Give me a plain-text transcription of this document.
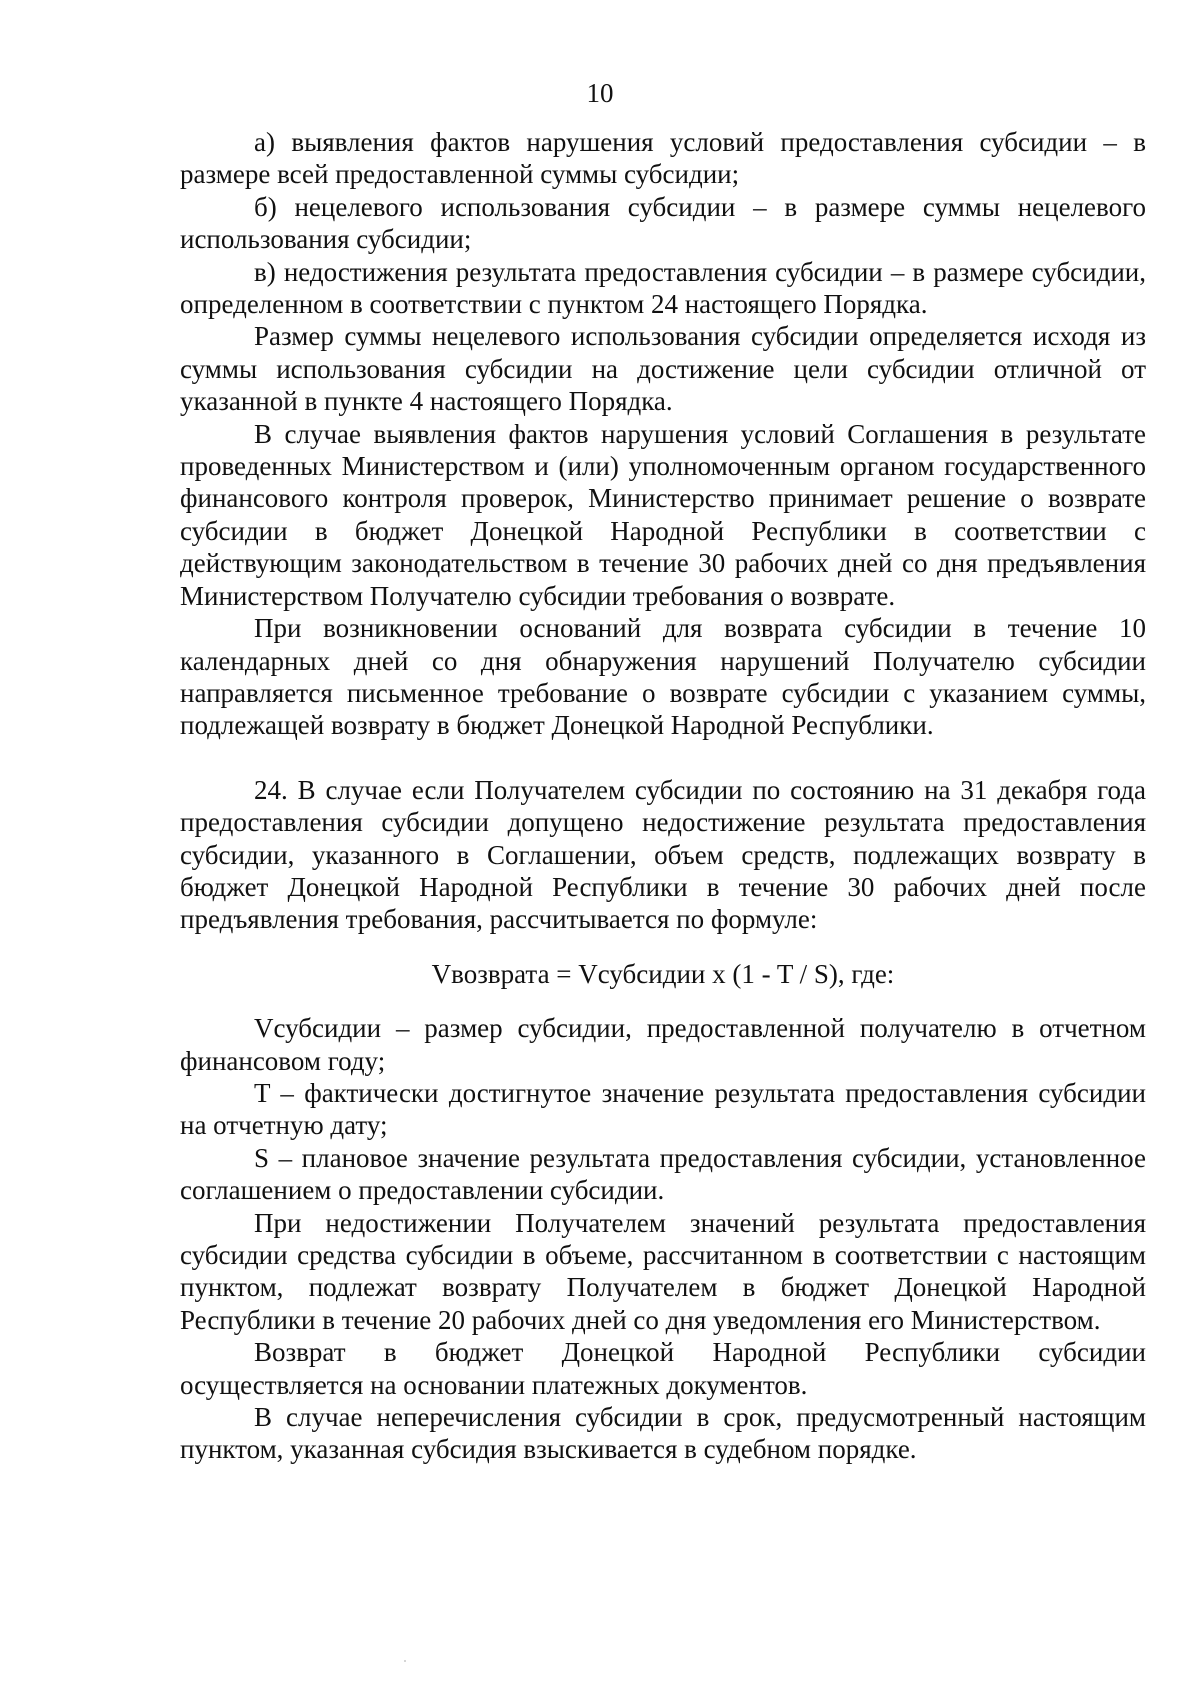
10

а) выявления фактов нарушения условий предоставления субсидии – в размере всей предоставленной суммы субсидии;

б) нецелевого использования субсидии – в размере суммы нецелевого использования субсидии;

в) недостижения результата предоставления субсидии – в размере субсидии, определенном в соответствии с пунктом 24 настоящего Порядка.

Размер суммы нецелевого использования субсидии определяется исходя из суммы использования субсидии на достижение цели субсидии отличной от указанной в пункте 4 настоящего Порядка.

В случае выявления фактов нарушения условий Соглашения в результате проведенных Министерством и (или) уполномоченным органом государственного финансового контроля проверок, Министерство принимает решение о возврате субсидии в бюджет Донецкой Народной Республики в соответствии с действующим законодательством в течение 30 рабочих дней со дня предъявления Министерством Получателю субсидии требования о возврате.

При возникновении оснований для возврата субсидии в течение 10 календарных дней со дня обнаружения нарушений Получателю субсидии направляется письменное требование о возврате субсидии с указанием суммы, подлежащей возврату в бюджет Донецкой Народной Республики.

24. В случае если Получателем субсидии по состоянию на 31 декабря года предоставления субсидии допущено недостижение результата предоставления субсидии, указанного в Соглашении, объем средств, подлежащих возврату в бюджет Донецкой Народной Республики в течение 30 рабочих дней после предъявления требования, рассчитывается по формуле:

Vвозврата = Vсубсидии x (1 - T / S), где:

Vсубсидии – размер субсидии, предоставленной получателю в отчетном финансовом году;

T – фактически достигнутое значение результата предоставления субсидии на отчетную дату;

S – плановое значение результата предоставления субсидии, установленное соглашением о предоставлении субсидии.

При недостижении Получателем значений результата предоставления субсидии средства субсидии в объеме, рассчитанном в соответствии с настоящим пунктом, подлежат возврату Получателем в бюджет Донецкой Народной Республики в течение 20 рабочих дней со дня уведомления его Министерством.

Возврат в бюджет Донецкой Народной Республики субсидии осуществляется на основании платежных документов.

В случае неперечисления субсидии в срок, предусмотренный настоящим пунктом, указанная субсидия взыскивается в судебном порядке.
